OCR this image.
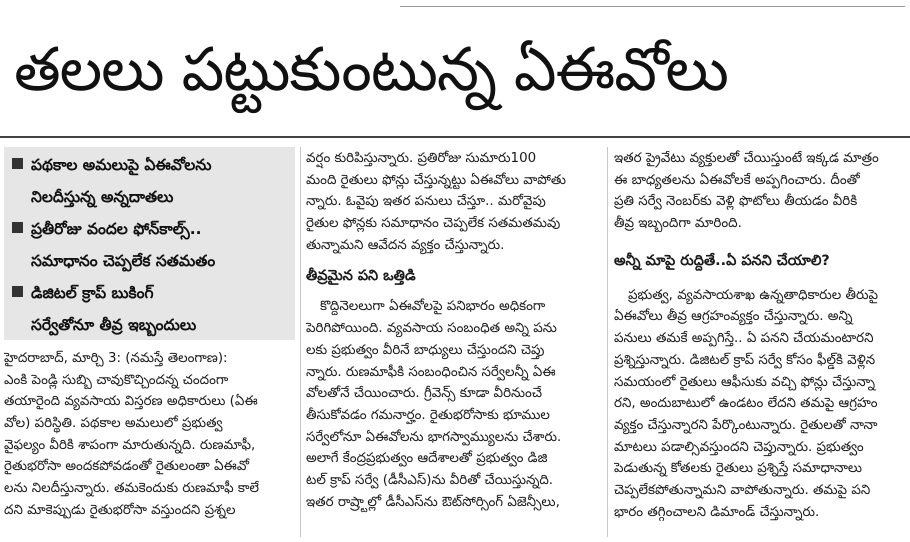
తలలు పట్టుకుంటున్న ఏఈవోలు
పథకాల అమలుపై ఏఈవోలను
నిలదీస్తున్న అన్నదాతలు
ప్రతీరోజు వందల ఫోన్‌కాల్స్‌..
సమాధానం చెప్పలేక సతమతం
డిజిటల్‌ క్రాప్‌ బుకింగ్‌
సర్వేతోనూ తీవ్ర ఇబ్బందులు
హైదరాబాద్‌, మార్చి 3: (నమస్తే తెలంగాణ):
ఎంకి పెండ్లి సుబ్బి చావుకొచ్చిందన్న చందంగా
తయారైంది వ్యవసాయ విస్తరణ అధికారులు (ఏఈ
వోల) పరిస్థితి. పథకాల అమలులో ప్రభుత్వ
వైఫల్యం వీరికి శాపంగా మారుతున్నది. రుణమాఫీ,
రైతుభరోసా అందకపోవడంతో రైతులంతా ఏఈవో
లను నిలదీస్తున్నారు. తమకెందుకు రుణమాఫీ కాలే
దని మాకెప్పుడు రైతుభరోసా వస్తుందని ప్రశ్నల
వర్షం కురిపిస్తున్నారు. ప్రతిరోజు సుమారు100
మంది రైతులు ఫోన్లు చేస్తున్నట్టు ఏఈవోలు వాపోతు
న్నారు. ఓవైపు ఇతర పనులు చేస్తూ.. మరోవైపు
రైతుల ఫోన్లకు సమాధానం చెప్పలేక సతమతమవు
తున్నామని ఆవేదన వ్యక్తం చేస్తున్నారు.
తీవ్రమైన పని ఒత్తిడి
కొద్దినెలలుగా ఏఈవోలపై పనిభారం అధికంగా
పెరిగిపోయింది. వ్యవసాయ సంబంధిత అన్ని పను
లకు ప్రభుత్వం వీరినే బాధ్యులు చేస్తుందని చెప్తు
న్నారు. రుణమాఫీకి సంబంధించిన సర్వేలన్నీ ఏఈ
వోలతోనే చేయించారు. గ్రీవెన్స్‌ కూడా వీరినుంచే
తీసుకోవడం గమనార్హం. రైతుభరోసాకు భూముల
సర్వేలోనూ ఏఈవోలను భాగస్వామ్యులను చేశారు.
అలాగే కేంద్రప్రభుత్వం ఆదేశాలతో ప్రభుత్వం డిజి
టల్‌ క్రాప్‌ సర్వే (డీసీఎస్‌)ను వీరితో చేయిస్తున్నది.
ఇతర రాష్ర్టాల్లో డీసీఎస్‌ను ఔట్‌సోర్సింగ్‌ ఏజెన్సీలు,
ఇతర ప్రైవేటు వ్యక్తులతో చేయిస్తుంటే ఇక్కడ మాత్రం
ఈ బాధ్యతలను ఏఈవోలకే అప్పగించారు. దీంతో
ప్రతి సర్వే నెంబర్‌కు వెళ్లి ఫొటోలు తీయడం వీరికి
తీవ్ర ఇబ్బందిగా మారింది.
అన్నీ మాపై రుద్దితే..ఏ పనని చేయాలి?
ప్రభుత్వ, వ్యవసాయశాఖ ఉన్నతాధికారుల తీరుపై
ఏఈవోలు తీవ్ర ఆగ్రహంవ్యక్తం చేస్తున్నారు. అన్ని
పనులు తమకే అప్పగిస్తే.. ఏ పనని చేయమంటారని
ప్రశ్నిస్తున్నారు. డిజిటల్‌ క్రాప్‌ సర్వే కోసం ఫీల్డ్‌కి వెళ్లిన
సమయంలో రైతులు ఆఫీసుకు వచ్చి ఫోన్లు చేస్తున్నా
రని, అందుబాటులో ఉండటం లేదని తమపై ఆగ్రహం
వ్యక్తం చేస్తున్నారని పేర్కొంటున్నారు. రైతులతో నానా
మాటలు పడాల్సివస్తుందని చెప్తున్నారు. ప్రభుత్వం
పెడుతున్న కోతలకు రైతులు ప్రశ్నిస్తే సమాధానాలు
చెప్పలేకపోతున్నామని వాపోతున్నారు. తమపై పని
భారం తగ్గించాలని డిమాండ్‌ చేస్తున్నారు.
